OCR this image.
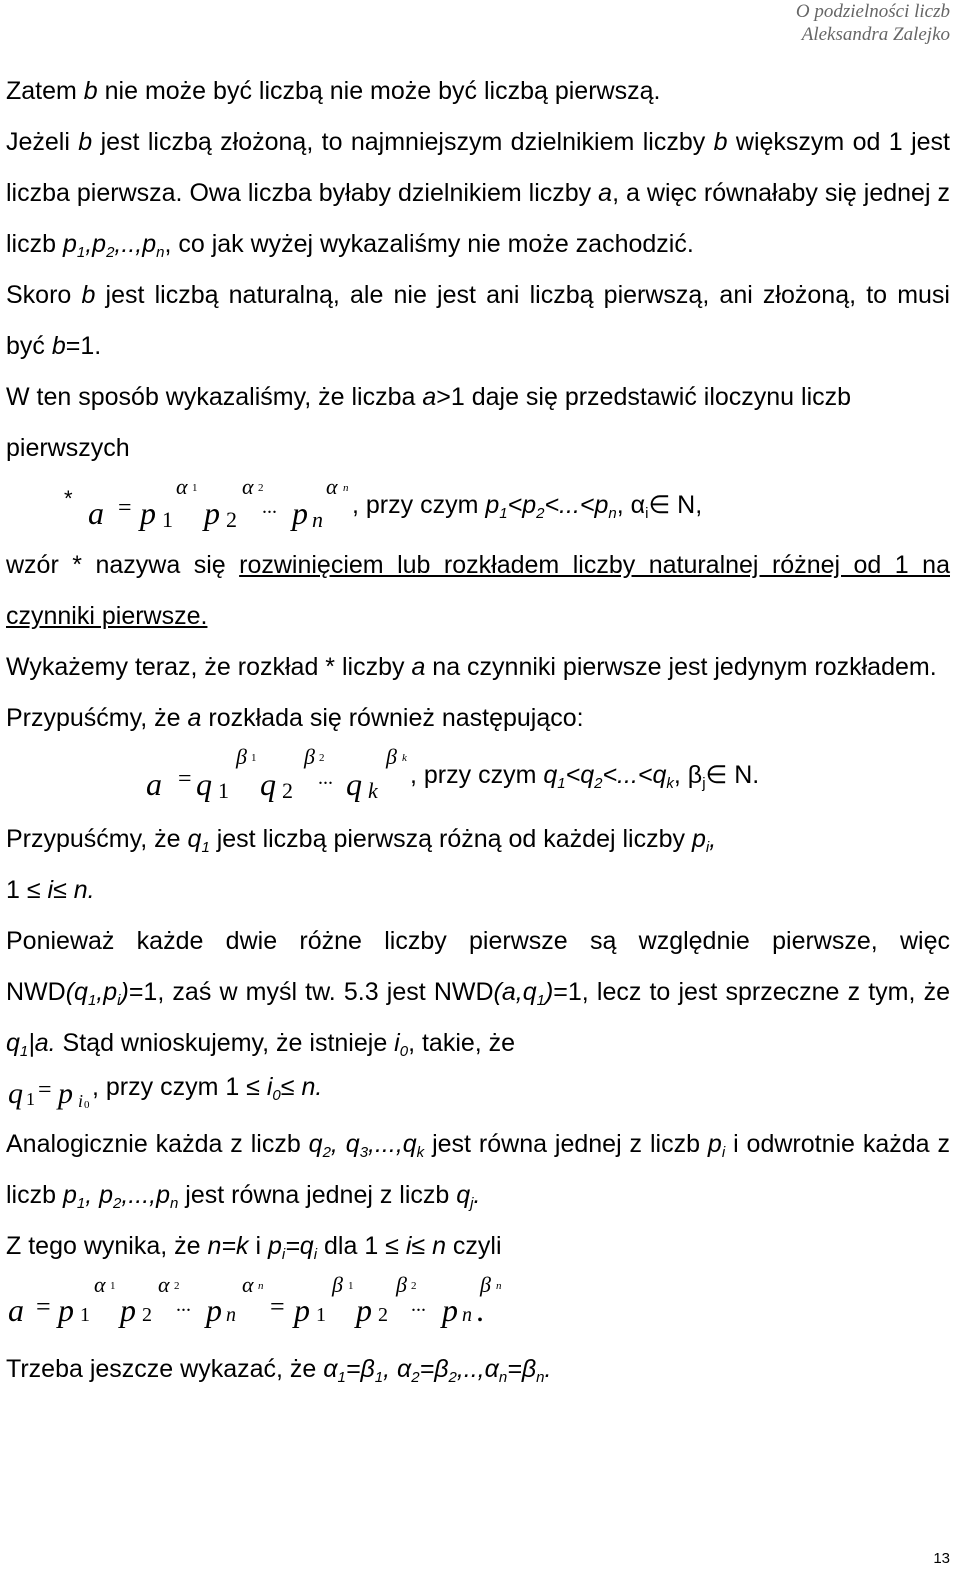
O podzielności liczb
Aleksandra Zalejko

Zatem b nie może być liczbą nie może być liczbą pierwszą.

Jeżeli b jest liczbą złożoną, to najmniejszym dzielnikiem liczby b większym od 1 jest liczba pierwsza. Owa liczba byłaby dzielnikiem liczby a, a więc równałaby się jednej z liczb $p_1,p_2,..,p_n$, co jak wyżej wykazaliśmy nie może zachodzić.

Skoro b jest liczbą naturalną, ale nie jest ani liczbą pierwszą, ani złożoną, to musi być b=1.

W ten sposób wykazaliśmy, że liczba a>1 daje się przedstawić iloczynu liczb pierwszych

* a = p 1
α 1
p 2
α 2
... p n
α n
, przy czym $p_1<p_2<...<p_n$, $\alpha_i\in$ N,

wzór * nazywa się rozwinięciem lub rozkładem liczby naturalnej różnej od 1 na czynniki pierwsze.

Wykażemy teraz, że rozkład * liczby a na czynniki pierwsze jest jedynym rozkładem.

Przypuśćmy, że a rozkłada się również następująco:

a = q 1
β 1
q 2
β 2
... q k
β k
, przy czym $q_1<q_2<...<q_k$, $\beta_j\in$ N.

Przypuśćmy, że $q_1$ jest liczbą pierwszą różną od każdej liczby $p_i$,
1 ≤ i≤ n.

Ponieważ każde dwie różne liczby pierwsze są względnie pierwsze, więc $NWD(q_1,p_i)=1$, zaś w myśl tw. 5.3 jest $NWD(a,q_1)=1$, lecz to jest sprzeczne z tym, że $q_1|a$. Stąd wnioskujemy, że istnieje $i_0$, takie, że

q 1 = p i 0
, przy czym $1 \le i_0\le n$.

Analogicznie każda z liczb $q_2$, $q_3,...,q_k$ jest równa jednej z liczb $p_i$ i odwrotnie każda z liczb $p_1$, $p_2,...,p_n$ jest równa jednej z liczb $q_j$.

Z tego wynika, że n=k i $p_i=q_i$ dla 1 ≤ i≤ n czyli

a = p 1
α 1
p 2
α 2
... p n
α n
= p 1
β 1
p 2
β 2
... p n
β n
.

Trzeba jeszcze wykazać, że $\alpha_1=\beta_1$, $\alpha_2=\beta_2,..,\alpha_n=\beta_n$.

13
